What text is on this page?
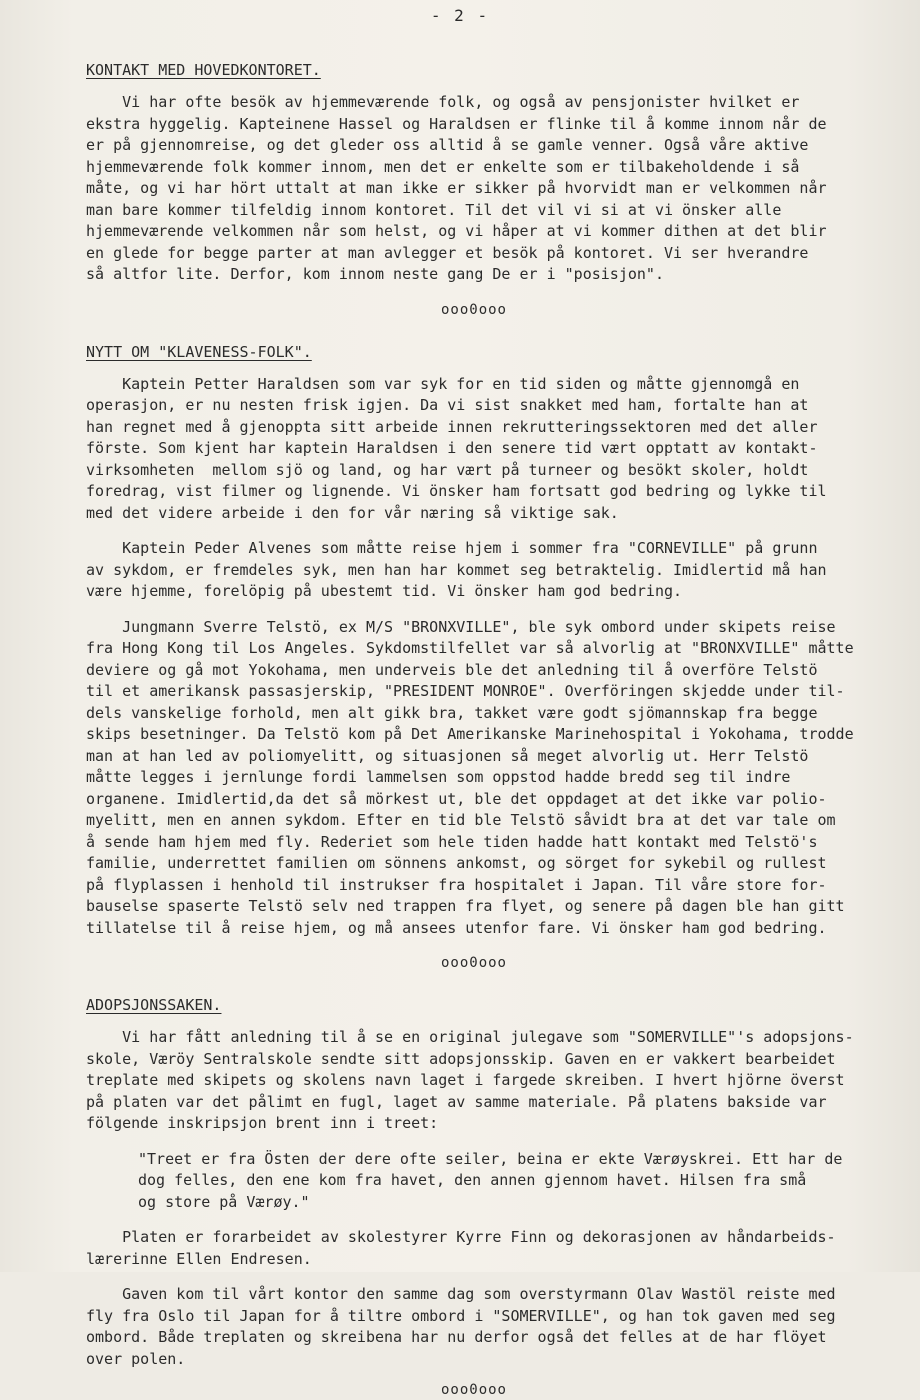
- 2 -
KONTAKT MED HOVEDKONTORET.
Vi har ofte besök av hjemmeværende folk, og også av pensjonister hvilket er
ekstra hyggelig. Kapteinene Hassel og Haraldsen er flinke til å komme innom når de
er på gjennomreise, og det gleder oss alltid å se gamle venner. Også våre aktive
hjemmeværende folk kommer innom, men det er enkelte som er tilbakeholdende i så
måte, og vi har hört uttalt at man ikke er sikker på hvorvidt man er velkommen når
man bare kommer tilfeldig innom kontoret. Til det vil vi si at vi önsker alle
hjemmeværende velkommen når som helst, og vi håper at vi kommer dithen at det blir
en glede for begge parter at man avlegger et besök på kontoret. Vi ser hverandre
så altfor lite. Derfor, kom innom neste gang De er i "posisjon".
ooo0ooo
NYTT OM "KLAVENESS-FOLK".
Kaptein Petter Haraldsen som var syk for en tid siden og måtte gjennomgå en
operasjon, er nu nesten frisk igjen. Da vi sist snakket med ham, fortalte han at
han regnet med å gjenoppta sitt arbeide innen rekrutteringssektoren med det aller
förste. Som kjent har kaptein Haraldsen i den senere tid vært opptatt av kontakt-
virksomheten  mellom sjö og land, og har vært på turneer og besökt skoler, holdt
foredrag, vist filmer og lignende. Vi önsker ham fortsatt god bedring og lykke til
med det videre arbeide i den for vår næring så viktige sak.
Kaptein Peder Alvenes som måtte reise hjem i sommer fra "CORNEVILLE" på grunn
av sykdom, er fremdeles syk, men han har kommet seg betraktelig. Imidlertid må han
være hjemme, forelöpig på ubestemt tid. Vi önsker ham god bedring.
Jungmann Sverre Telstö, ex M/S "BRONXVILLE", ble syk ombord under skipets reise
fra Hong Kong til Los Angeles. Sykdomstilfellet var så alvorlig at "BRONXVILLE" måtte
deviere og gå mot Yokohama, men underveis ble det anledning til å overföre Telstö
til et amerikansk passasjerskip, "PRESIDENT MONROE". Overföringen skjedde under til-
dels vanskelige forhold, men alt gikk bra, takket være godt sjömannskap fra begge
skips besetninger. Da Telstö kom på Det Amerikanske Marinehospital i Yokohama, trodde
man at han led av poliomyelitt, og situasjonen så meget alvorlig ut. Herr Telstö
måtte legges i jernlunge fordi lammelsen som oppstod hadde bredd seg til indre
organene. Imidlertid,da det så mörkest ut, ble det oppdaget at det ikke var polio-
myelitt, men en annen sykdom. Efter en tid ble Telstö såvidt bra at det var tale om
å sende ham hjem med fly. Rederiet som hele tiden hadde hatt kontakt med Telstö's
familie, underrettet familien om sönnens ankomst, og sörget for sykebil og rullest
på flyplassen i henhold til instrukser fra hospitalet i Japan. Til våre store for-
bauselse spaserte Telstö selv ned trappen fra flyet, og senere på dagen ble han gitt
tillatelse til å reise hjem, og må ansees utenfor fare. Vi önsker ham god bedring.
ooo0ooo
ADOPSJONSSAKEN.
Vi har fått anledning til å se en original julegave som "SOMERVILLE"'s adopsjons-
skole, Væröy Sentralskole sendte sitt adopsjonsskip. Gaven en er vakkert bearbeidet
treplate med skipets og skolens navn laget i fargede skreiben. I hvert hjörne överst
på platen var det pålimt en fugl, laget av samme materiale. På platens bakside var
fölgende inskripsjon brent inn i treet:
"Treet er fra Östen der dere ofte seiler, beina er ekte Værøyskrei. Ett har de
dog felles, den ene kom fra havet, den annen gjennom havet. Hilsen fra små
og store på Værøy."
Platen er forarbeidet av skolestyrer Kyrre Finn og dekorasjonen av håndarbeids-
lærerinne Ellen Endresen.
Gaven kom til vårt kontor den samme dag som overstyrmann Olav Wastöl reiste med
fly fra Oslo til Japan for å tiltre ombord i "SOMERVILLE", og han tok gaven med seg
ombord. Både treplaten og skreibena har nu derfor også det felles at de har flöyet
over polen.
ooo0ooo
